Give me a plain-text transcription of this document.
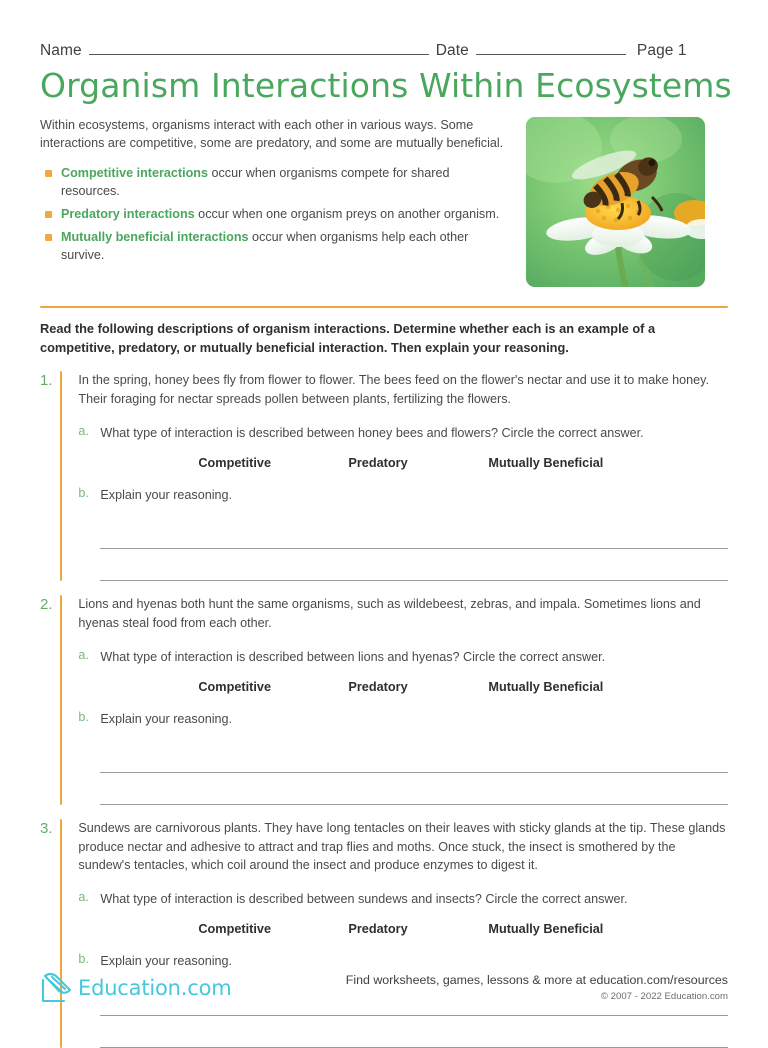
Name	Date	Page 1
Organism Interactions Within Ecosystems

Within ecosystems, organisms interact with each other in various ways. Some interactions are competitive, some are predatory, and some are mutually beneficial.

Competitive interactions occur when organisms compete for shared resources.
Predatory interactions occur when one organism preys on another organism.
Mutually beneficial interactions occur when organisms help each other survive.
Read the following descriptions of organism interactions. Determine whether each is an example of a competitive, predatory, or mutually beneficial interaction. Then explain your reasoning.
1.	In the spring, honey bees fly from flower to flower. The bees feed on the flower's nectar and use it to make honey. Their foraging for nectar spreads pollen between plants, fertilizing the flowers.

a. What type of interaction is described between honey bees and flowers? Circle the correct answer.
Competitive	Predatory	Mutually Beneficial
b. Explain your reasoning.
2.	Lions and hyenas both hunt the same organisms, such as wildebeest, zebras, and impala. Sometimes lions and hyenas steal food from each other.

a. What type of interaction is described between lions and hyenas? Circle the correct answer.
Competitive	Predatory	Mutually Beneficial
b. Explain your reasoning.
3.	Sundews are carnivorous plants. They have long tentacles on their leaves with sticky glands at the tip. These glands produce nectar and adhesive to attract and trap flies and moths. Once stuck, the insect is smothered by the sundew's tentacles, which coil around the insect and produce enzymes to digest it.

a. What type of interaction is described between sundews and insects? Circle the correct answer.
Competitive	Predatory	Mutually Beneficial
b. Explain your reasoning.
Education.com	Find worksheets, games, lessons & more at education.com/resources
© 2007 - 2022 Education.com
